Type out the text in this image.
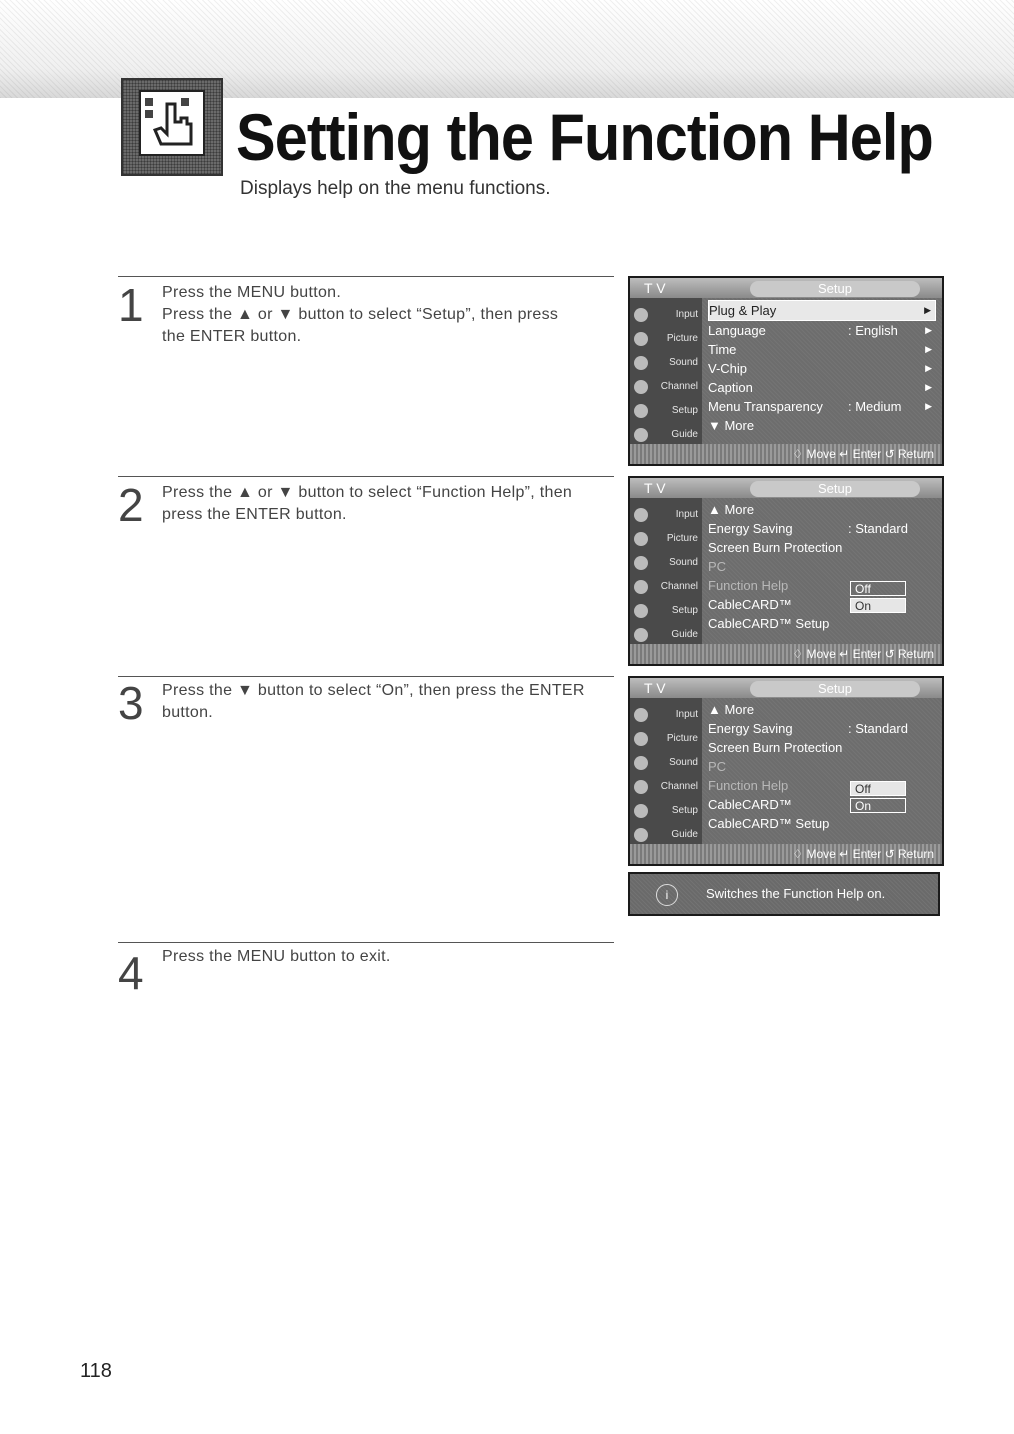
Setting the Function Help
Displays help on the menu functions.
1 Press the MENU button.
Press the ▲ or ▼ button to select “Setup”, then press
the ENTER button.
2 Press the ▲ or ▼ button to select “Function Help”, then
press the ENTER button.
3 Press the ▼ button to select “On”, then press the ENTER
button.
4 Press the MENU button to exit.
T V	Setup
Input
Picture
Sound
Channel
Setup
Guide
Plug & Play	▶
Language	: English	▶
Time	▶
V-Chip	▶
Caption	▶
Menu Transparency : Medium	▶
▼ More
♢ Move ↵ Enter ↺ Return
T V	Setup
Input
Picture
Sound
Channel
Setup
Guide
▲ More
Energy Saving	: Standard
Screen Burn Protection
PC
Function Help
CableCARD™
CableCARD™ Setup
Off
On
♢ Move ↵ Enter ↺ Return
T V	Setup
Input
Picture
Sound
Channel
Setup
Guide
▲ More
Energy Saving	: Standard
Screen Burn Protection
PC
Function Help
CableCARD™
CableCARD™ Setup
Off
On
♢ Move ↵ Enter ↺ Return
i	Switches the Function Help on.
118
